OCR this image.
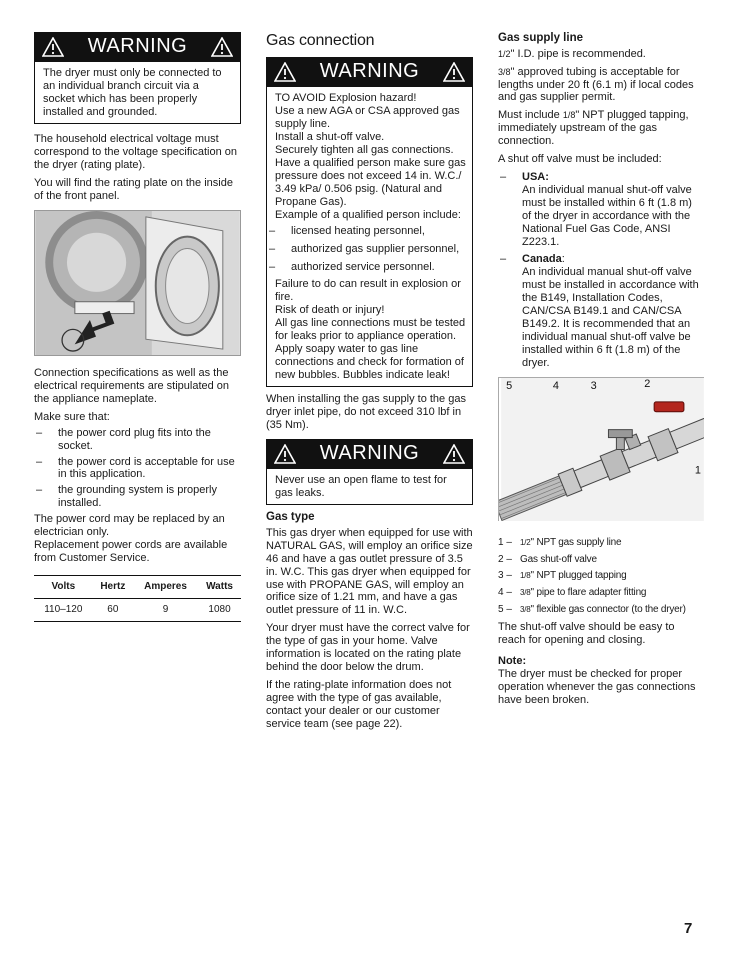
WARNING

The dryer must only be connected to an individual branch circuit via a socket which has been properly installed and grounded.

The household electrical voltage must correspond to the voltage specification on the dryer (rating plate).

You will find the rating plate on the inside of the front panel.

Connection specifications as well as the electrical requirements are stipulated on the appliance nameplate.

Make sure that:

– the power cord plug fits into the socket.
– the power cord is acceptable for use in this application.
– the grounding system is properly installed.

The power cord may be replaced by an electrician only.

Replacement power cords are available from Customer Service.

Volts	Hertz	Amperes	Watts
110–120	60	9	1080
Gas connection
WARNING

TO AVOID Explosion hazard!

Use a new AGA or CSA approved gas supply line.

Install a shut-off valve.

Securely tighten all gas connections.

Have a qualified person make sure gas pressure does not exceed 14 in. W.C./ 3.49 kPa/ 0.506 psig. (Natural and Propane Gas).

Example of a qualified person include:

– licensed heating personnel,
– authorized gas supplier personnel,
– authorized service personnel.

Failure to do can result in explosion or fire.

Risk of death or injury!

All gas line connections must be tested for leaks prior to appliance operation. Apply soapy water to gas line connections and check for formation of new bubbles. Bubbles indicate leak!

When installing the gas supply to the gas dryer inlet pipe, do not exceed 310 lbf in (35 Nm).

WARNING

Never use an open flame to test for gas leaks.

Gas type

This gas dryer when equipped for use with NATURAL GAS, will employ an orifice size 46 and have a gas outlet pressure of 3.5 in. W.C. This gas dryer when equipped for use with PROPANE GAS, will employ an orifice size of 1.21 mm, and have a gas outlet pressure of 11 in. W.C.

Your dryer must have the correct valve for the type of gas in your home. Valve information is located on the rating plate behind the door below the drum.

If the rating-plate information does not agree with the type of gas available, contact your dealer or our customer service team (see page 22).

Gas supply line

1/2" I.D. pipe is recommended.

3/8" approved tubing is acceptable for lengths under 20 ft (6.1 m) if local codes and gas supplier permit.

Must include 1/8" NPT plugged tapping, immediately upstream of the gas connection.

A shut off valve must be included:

– USA:
An individual manual shut-off valve must be installed within 6 ft (1.8 m) of the dryer in accordance with the National Fuel Gas Code, ANSI Z223.1.
– Canada:
An individual manual shut-off valve must be installed in accordance with the B149, Installation Codes, CAN/CSA B149.1 and CAN/CSA B149.2. It is recommended that an individual manual shut-off valve be installed within 6 ft (1.8 m) of the dryer.
5	4	3	2
1
1 –	1/2" NPT gas supply line
2 – Gas shut-off valve
3 –	1/8" NPT plugged tapping
4 –	3/8" pipe to flare adapter fitting
5 –	3/8" flexible gas connector (to the dryer)

The shut-off valve should be easy to reach for opening and closing.

Note:
The dryer must be checked for proper operation whenever the gas connections have been broken.

7
